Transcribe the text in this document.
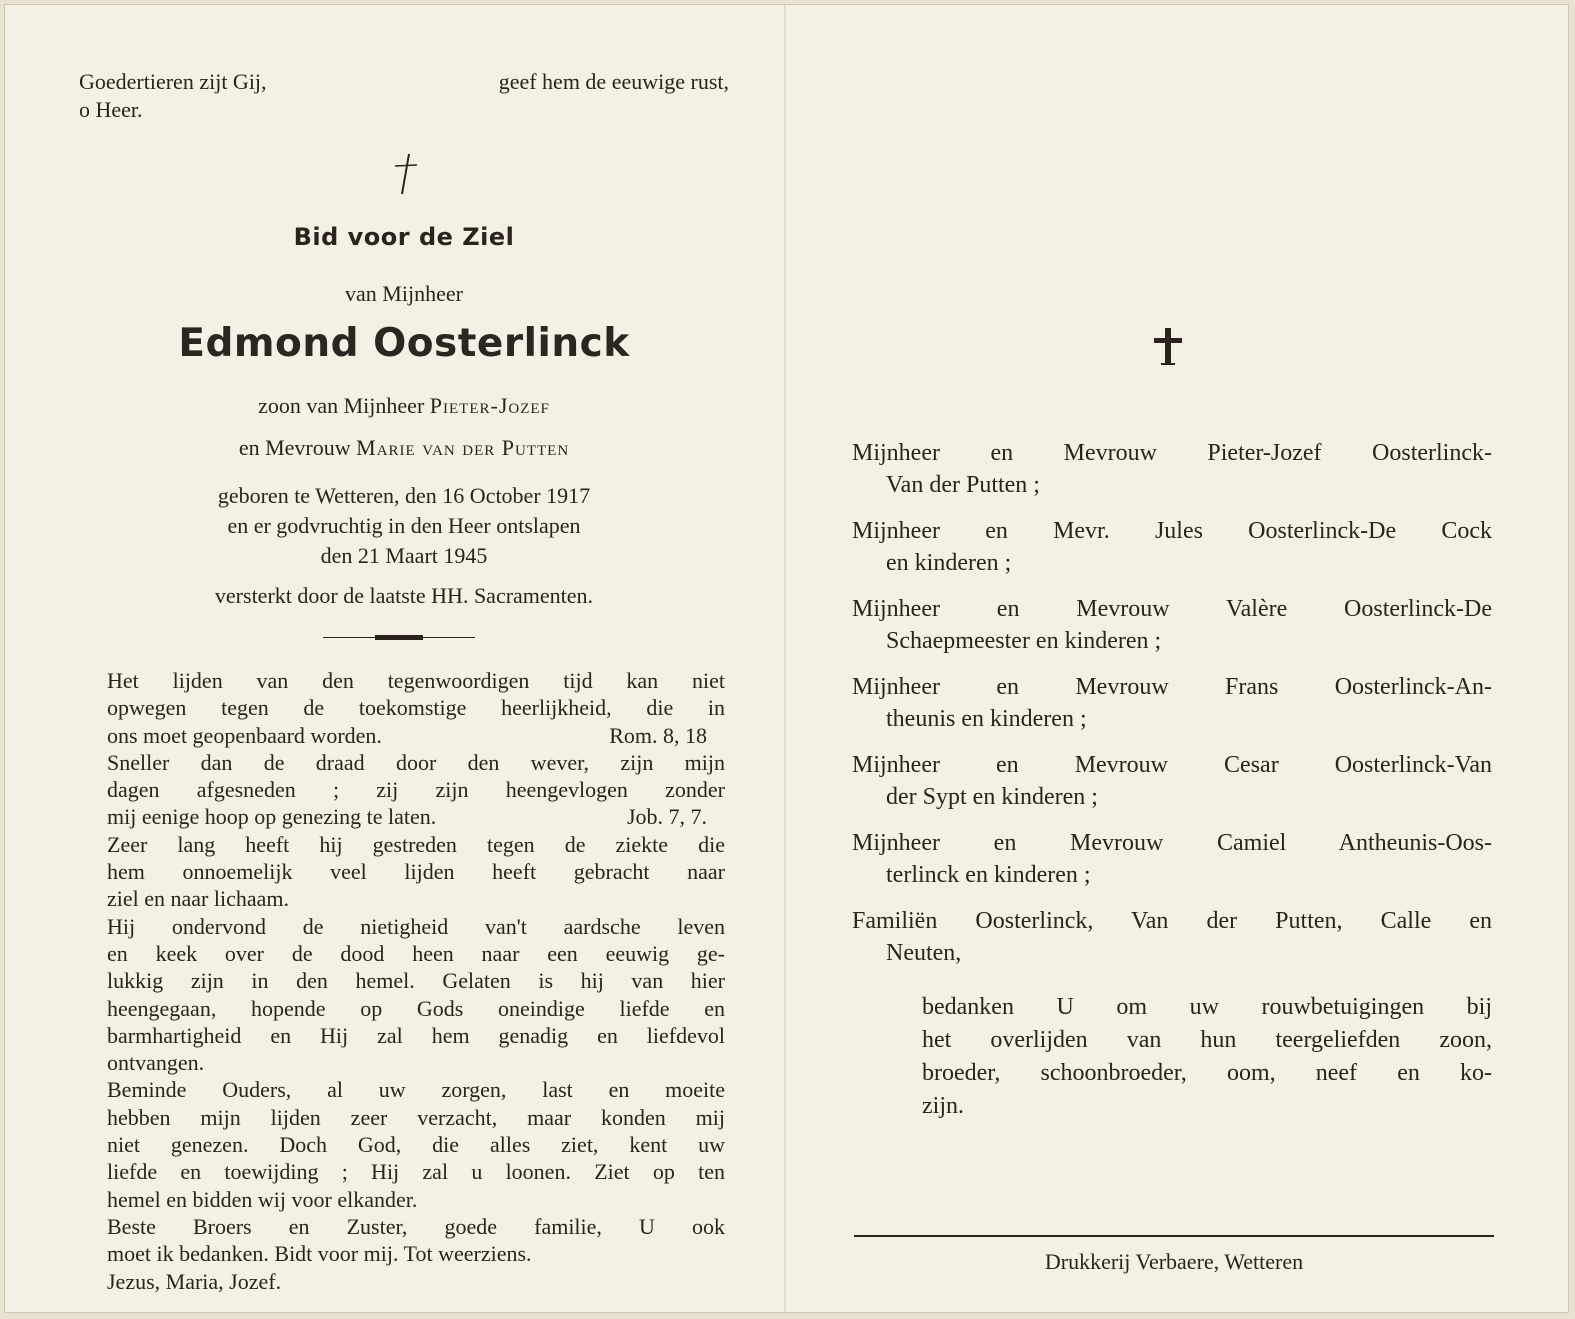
Goedertieren zijt Gij,	geef hem de eeuwige rust,
o Heer.
Bid voor de Ziel
van Mijnheer
Edmond Oosterlinck
zoon van Mijnheer Pieter-Jozef
en Mevrouw Marie van der Putten
geboren te Wetteren, den 16 October 1917
en er godvruchtig in den Heer ontslapen
den 21 Maart 1945
versterkt door de laatste HH. Sacramenten.

Het lijden van den tegenwoordigen tijd kan niet

opwegen tegen de toekomstige heerlijkheid, die in

ons moet geopenbaard worden.	Rom. 8, 18

Sneller dan de draad door den wever, zijn mijn

dagen afgesneden ; zij zijn heengevlogen zonder

mij eenige hoop op genezing te laten.	Job. 7, 7.

Zeer lang heeft hij gestreden tegen de ziekte die

hem onnoemelijk veel lijden heeft gebracht naar

ziel en naar lichaam.

Hij ondervond de nietigheid van't aardsche leven

en keek over de dood heen naar een eeuwig ge-

lukkig zijn in den hemel. Gelaten is hij van hier

heengegaan, hopende op Gods oneindige liefde en

barmhartigheid en Hij zal hem genadig en liefdevol

ontvangen.

Beminde Ouders, al uw zorgen, last en moeite

hebben mijn lijden zeer verzacht, maar konden mij

niet genezen. Doch God, die alles ziet, kent uw

liefde en toewijding ; Hij zal u loonen. Ziet op ten

hemel en bidden wij voor elkander.

Beste Broers en Zuster, goede familie, U ook

moet ik bedanken. Bidt voor mij. Tot weerziens.

Jezus, Maria, Jozef.

Mijnheer en Mevrouw Pieter-Jozef Oosterlinck-
Van der Putten ;
Mijnheer en Mevr. Jules Oosterlinck-De Cock
en kinderen ;
Mijnheer en Mevrouw Valère Oosterlinck-De
Schaepmeester en kinderen ;
Mijnheer en Mevrouw Frans Oosterlinck-An-
theunis en kinderen ;
Mijnheer en Mevrouw Cesar Oosterlinck-Van
der Sypt en kinderen ;
Mijnheer en Mevrouw Camiel Antheunis-Oos-
terlinck en kinderen ;
Familiën Oosterlinck, Van der Putten, Calle en
Neuten,
bedanken U om uw rouwbetuigingen bij
het overlijden van hun teergeliefden zoon,
broeder, schoonbroeder, oom, neef en ko-
zijn.
Drukkerij Verbaere, Wetteren
